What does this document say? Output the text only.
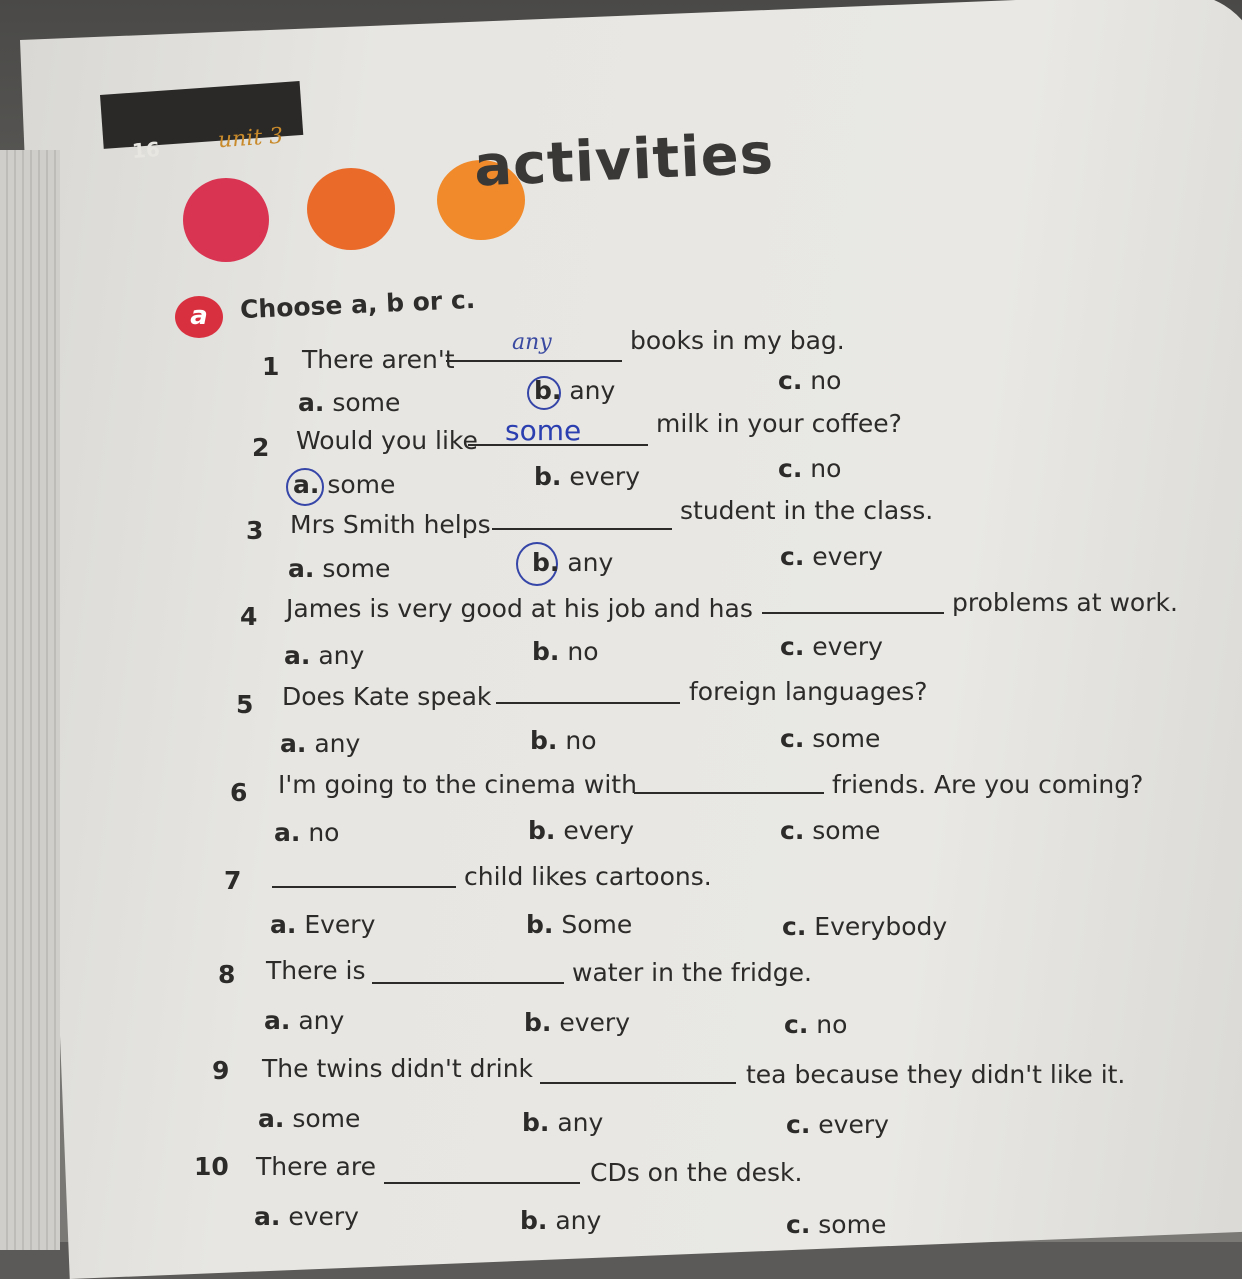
16	unit 3	activities
a	Choose a, b or c.
1 There aren't
any	books in my bag.
a. some	b. any	c. no
2 Would you like some	milk in your coffee?
a. some	b. every	c. no
3 Mrs Smith helps	student in the class.
a. some	b. any	c. every
4 James is very good at his job and has	problems at work.
a. any	b. no	c. every
5 Does Kate speak	foreign languages?
a. any	b. no	c. some
6 I'm going to the cinema with	friends. Are you coming?
a. no	b. every	c. some
7	child likes cartoons.
a. Every	b. Some	c. Everybody
8 There is	water in the fridge.
a. any	b. every	c. no
9 The twins didn't drink	tea because they didn't like it.
a. some	b. any	c. every
10 There are	CDs on the desk.
a. every	b. any	c. some
